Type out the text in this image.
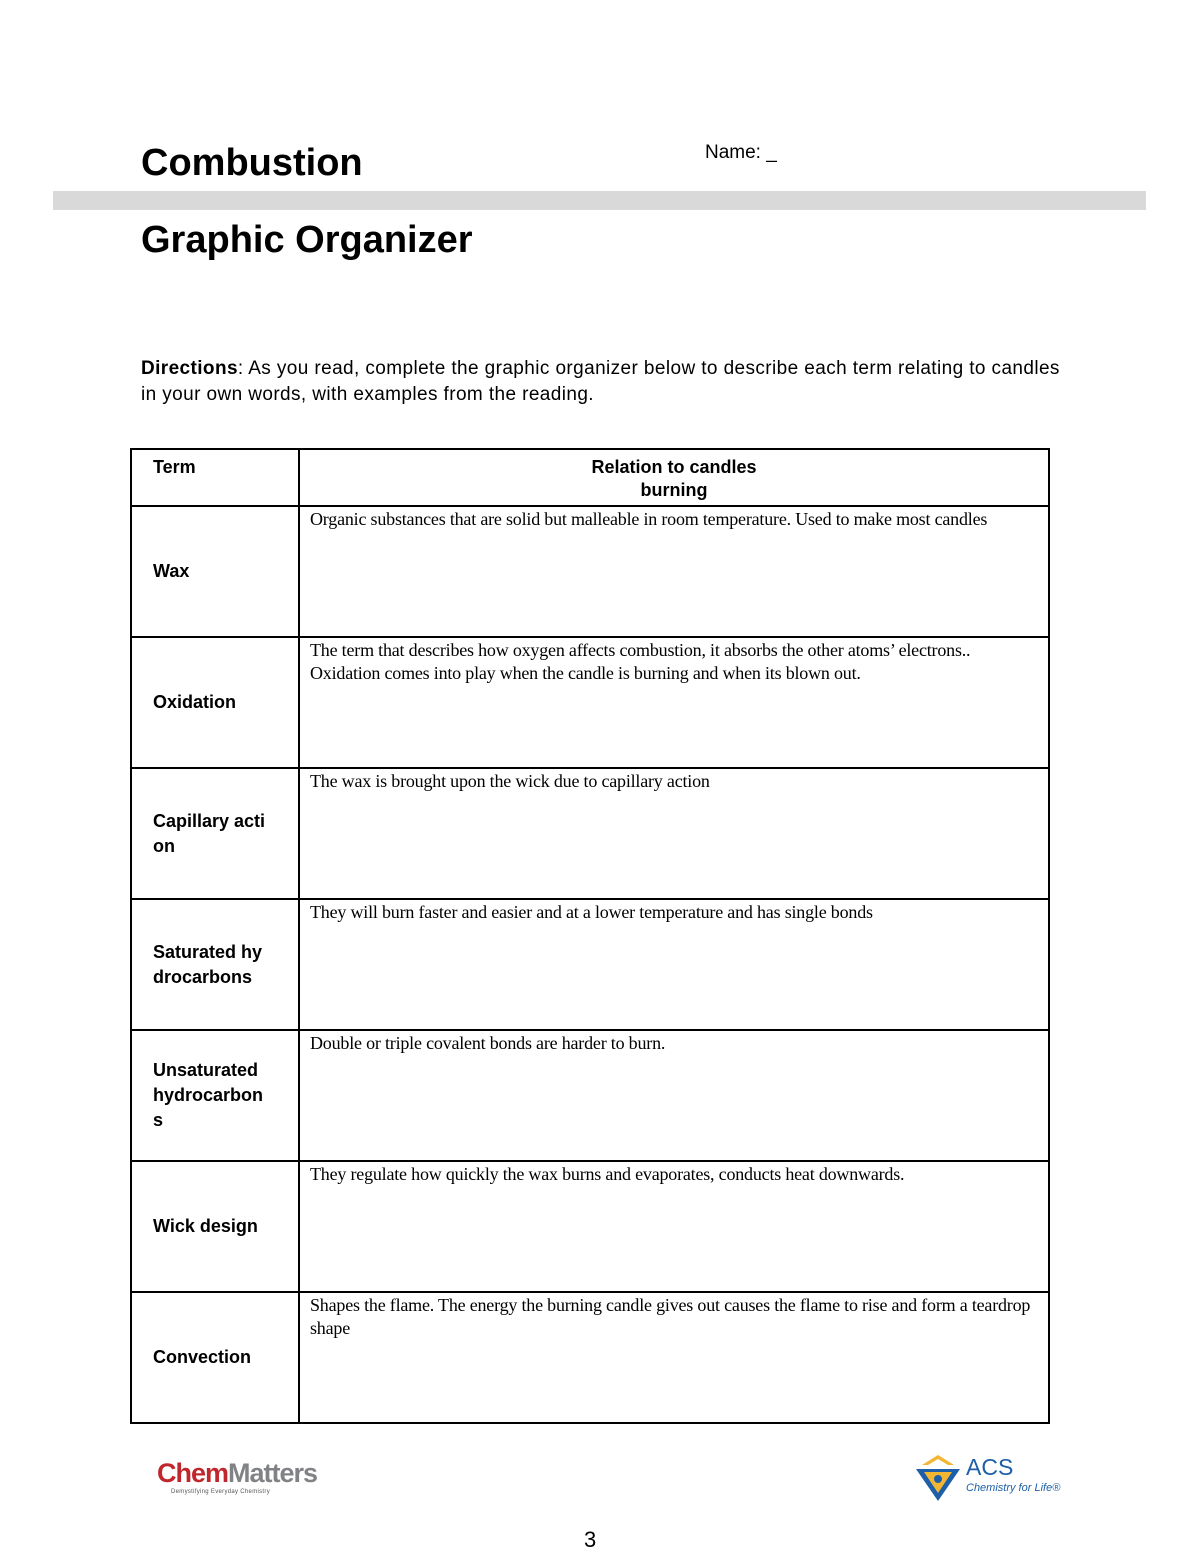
Combustion	Name: _
Graphic Organizer
Directions: As you read, complete the graphic organizer below to describe each term relating to candles in your own words, with examples from the reading.
Term	Relation to candles
burning

Wax	Organic substances that are solid but malleable in room temperature. Used to make most candles
Oxidation	The term that describes how oxygen affects combustion, it absorbs the other atoms’ electrons.. Oxidation comes into play when the candle is burning and when its blown out.
Capillary action	The wax is brought upon the wick due to capillary action
Saturated hydrocarbons	They will burn faster and easier and at a lower temperature and has single bonds
Unsaturated hydrocarbons	Double or triple covalent bonds are harder to burn.
Wick design	They regulate how quickly the wax burns and evaporates, conducts heat downwards.
Convection	Shapes the flame. The energy the burning candle gives out causes the flame to rise and form a teardrop shape
ChemMatters
Demystifying Everyday Chemistry
ACS
Chemistry for Life®
3
